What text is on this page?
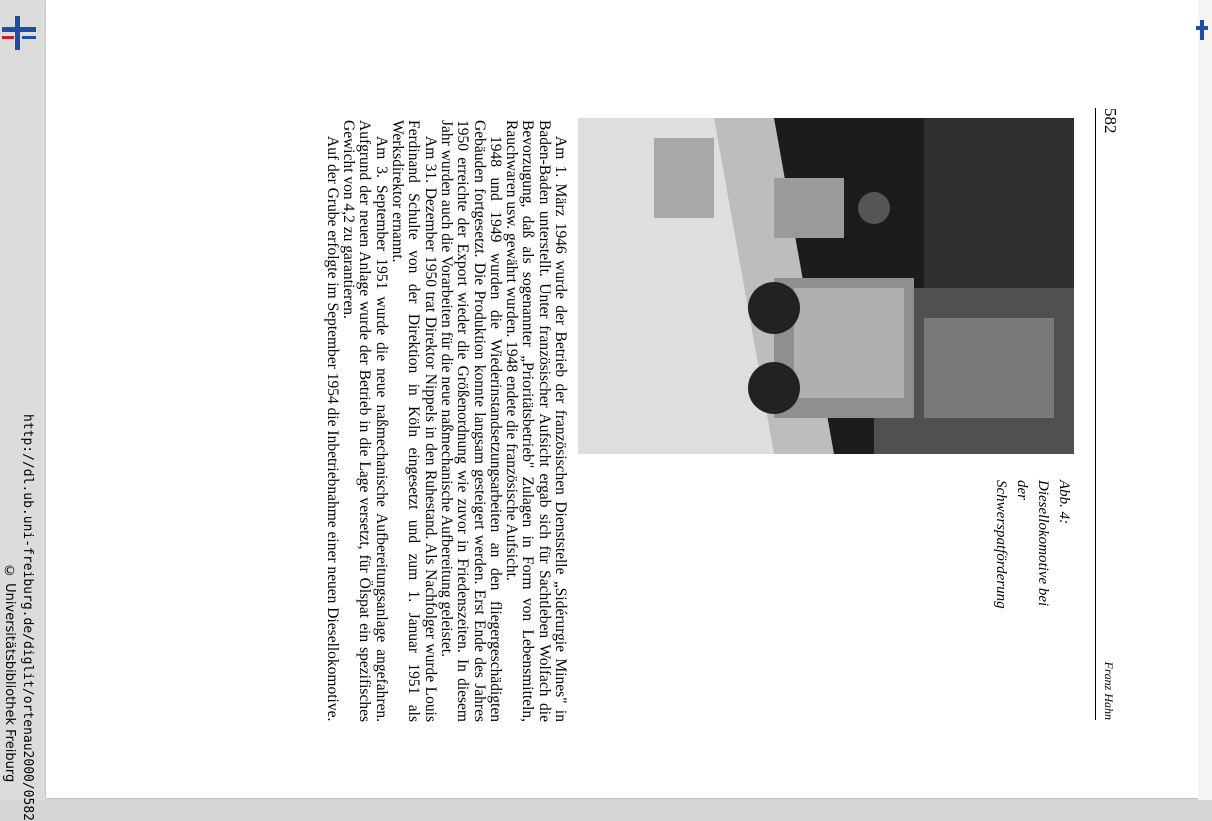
582
Franz Hahn
Abb. 4: Diesellokomotive bei der Schwerspatförderung

Am 1. März 1946 wurde der Betrieb der französischen Dienststelle „Sidérurgie Mines" in Baden-Baden unterstellt. Unter französischer Aufsicht ergab sich für Sachtleben Wolfach die Bevorzugung, daß als sogenannter „Prioritätsbetrieb" Zulagen in Form von Lebensmitteln, Rauchwaren usw. gewährt wurden. 1948 endete die französische Aufsicht.

1948 und 1949 wurden die Wiederinstandsetzungsarbeiten an den fliegergeschädigten Gebäuden fortgesetzt. Die Produktion konnte langsam gesteigert werden. Erst Ende des Jahres 1950 erreichte der Export wieder die Größenordnung wie zuvor in Friedenszeiten. In diesem Jahr wurden auch die Vorarbeiten für die neue naßmechanische Aufbereitung geleistet.

Am 31. Dezember 1950 trat Direktor Nippels in den Ruhestand. Als Nachfolger wurde Louis Ferdinand Schulte von der Direktion in Köln eingesetzt und zum 1. Januar 1951 als Werksdirektor ernannt.

Am 3. September 1951 wurde die neue naßmechanische Aufbereitungsanlage angefahren. Aufgrund der neuen Anlage wurde der Betrieb in die Lage versetzt, für Ölspat ein spezifisches Gewicht von 4,2 zu garantieren.

Auf der Grube erfolgte im September 1954 die Inbetriebnahme einer neuen Diesellokomotive.

http://dl.ub.uni-freiburg.de/diglit/ortenau2000/0582
© Universitätsbibliothek Freiburg
